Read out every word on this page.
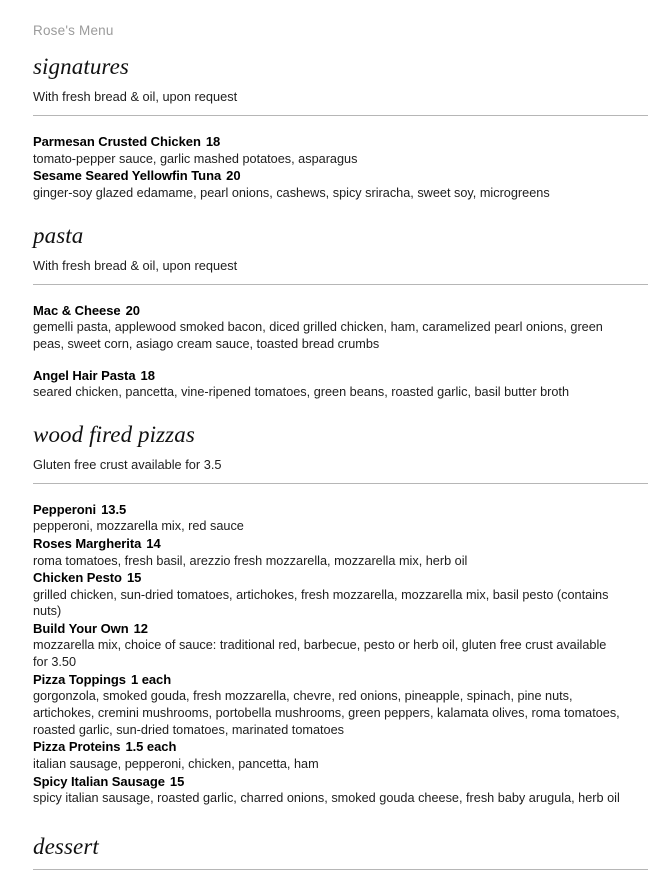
Rose's Menu
signatures

With fresh bread & oil, upon request

Parmesan Crusted Chicken 18
tomato-pepper sauce, garlic mashed potatoes, asparagus
Sesame Seared Yellowfin Tuna 20
ginger-soy glazed edamame, pearl onions, cashews, spicy sriracha, sweet soy, microgreens
pasta

With fresh bread & oil, upon request

Mac & Cheese 20
gemelli pasta, applewood smoked bacon, diced grilled chicken, ham, caramelized pearl onions, green peas, sweet corn, asiago cream sauce, toasted bread crumbs
Angel Hair Pasta 18
seared chicken, pancetta, vine-ripened tomatoes, green beans, roasted garlic, basil butter broth
wood fired pizzas

Gluten free crust available for 3.5

Pepperoni 13.5
pepperoni, mozzarella mix, red sauce
Roses Margherita 14
roma tomatoes, fresh basil, arezzio fresh mozzarella, mozzarella mix, herb oil
Chicken Pesto 15
grilled chicken, sun-dried tomatoes, artichokes, fresh mozzarella, mozzarella mix, basil pesto (contains nuts)
Build Your Own 12
mozzarella mix, choice of sauce: traditional red, barbecue, pesto or herb oil, gluten free crust available for 3.50
Pizza Toppings 1 each
gorgonzola, smoked gouda, fresh mozzarella, chevre, red onions, pineapple, spinach, pine nuts, artichokes, cremini mushrooms, portobella mushrooms, green peppers, kalamata olives, roma tomatoes, roasted garlic, sun-dried tomatoes, marinated tomatoes
Pizza Proteins 1.5 each
italian sausage, pepperoni, chicken, pancetta, ham
Spicy Italian Sausage 15
spicy italian sausage, roasted garlic, charred onions, smoked gouda cheese, fresh baby arugula, herb oil
dessert
